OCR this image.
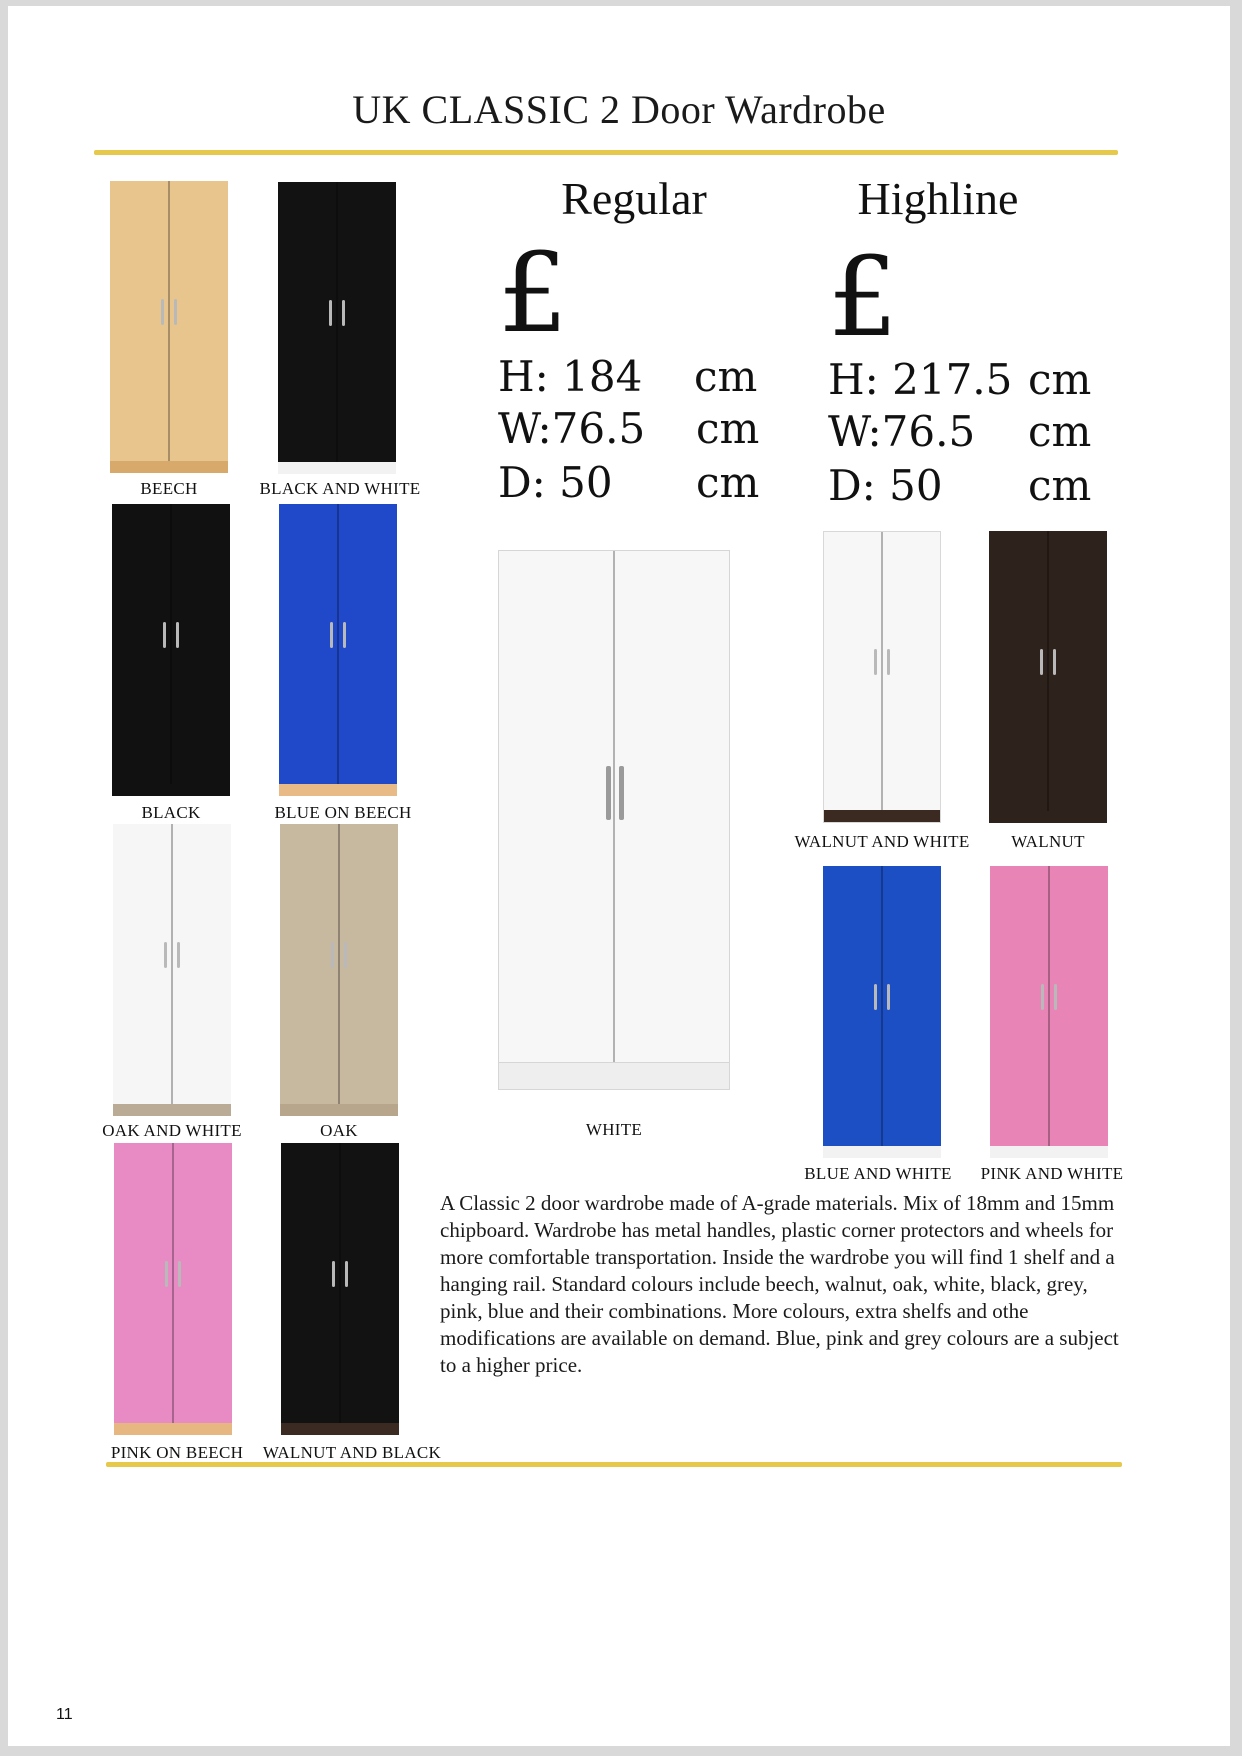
UK CLASSIC 2 Door Wardrobe
Regular
£
H: 184 cm
W:76.5 cm
D: 50 cm
Highline
£
H: 217.5 cm
W:76.5 cm
D: 50 cm
BEECH	BLACK AND WHITE
BLACK	BLUE ON BEECH
OAK AND WHITE	OAK
PINK ON BEECH	WALNUT AND BLACK
WHITE
WALNUT AND WHITE	WALNUT
BLUE AND WHITE	PINK AND WHITE
A Classic 2 door wardrobe made of A-grade materials. Mix of 18mm and 15mm chipboard. Wardrobe has metal handles, plastic corner protectors and wheels for more comfortable transportation. Inside the wardrobe you will find 1 shelf and a hanging rail. Standard colours include beech, walnut, oak, white, black, grey, pink, blue and their combinations. More colours, extra shelfs and othe modifications are available on demand. Blue, pink and grey colours are a subject to a higher price.
11
